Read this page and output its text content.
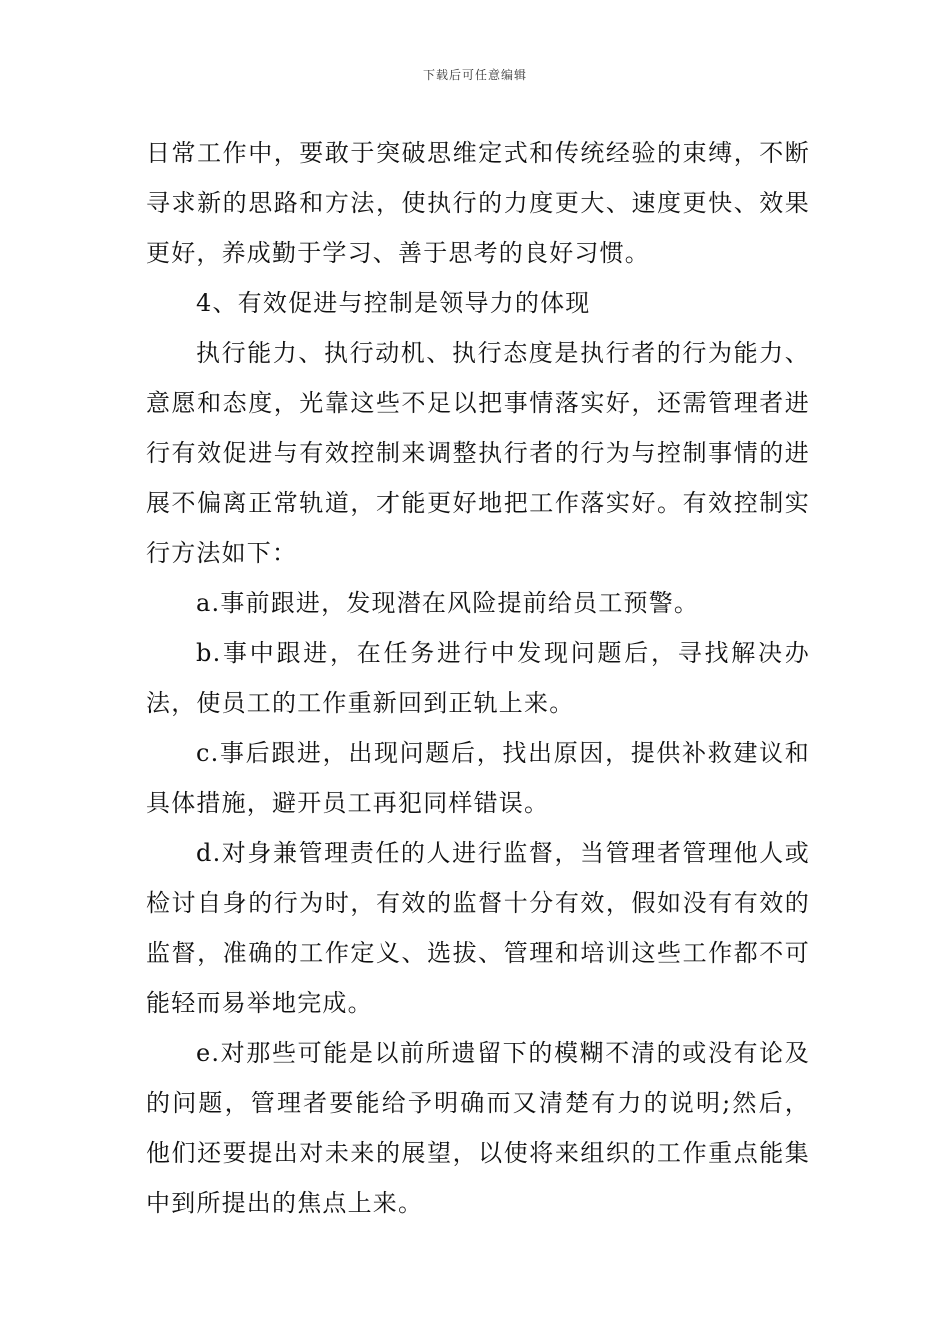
下载后可任意编辑

日常工作中，要敢于突破思维定式和传统经验的束缚，不断寻求新的思路和方法，使执行的力度更大、速度更快、效果更好，养成勤于学习、善于思考的良好习惯。

4、有效促进与控制是领导力的体现

执行能力、执行动机、执行态度是执行者的行为能力、意愿和态度，光靠这些不足以把事情落实好，还需管理者进行有效促进与有效控制来调整执行者的行为与控制事情的进展不偏离正常轨道，才能更好地把工作落实好。有效控制实行方法如下：

a.事前跟进，发现潜在风险提前给员工预警。

b.事中跟进，在任务进行中发现问题后，寻找解决办法，使员工的工作重新回到正轨上来。

c.事后跟进，出现问题后，找出原因，提供补救建议和具体措施，避开员工再犯同样错误。

d.对身兼管理责任的人进行监督，当管理者管理他人或检讨自身的行为时，有效的监督十分有效，假如没有有效的监督，准确的工作定义、选拔、管理和培训这些工作都不可能轻而易举地完成。

e.对那些可能是以前所遗留下的模糊不清的或没有论及的问题，管理者要能给予明确而又清楚有力的说明;然后，他们还要提出对未来的展望，以使将来组织的工作重点能集中到所提出的焦点上来。
